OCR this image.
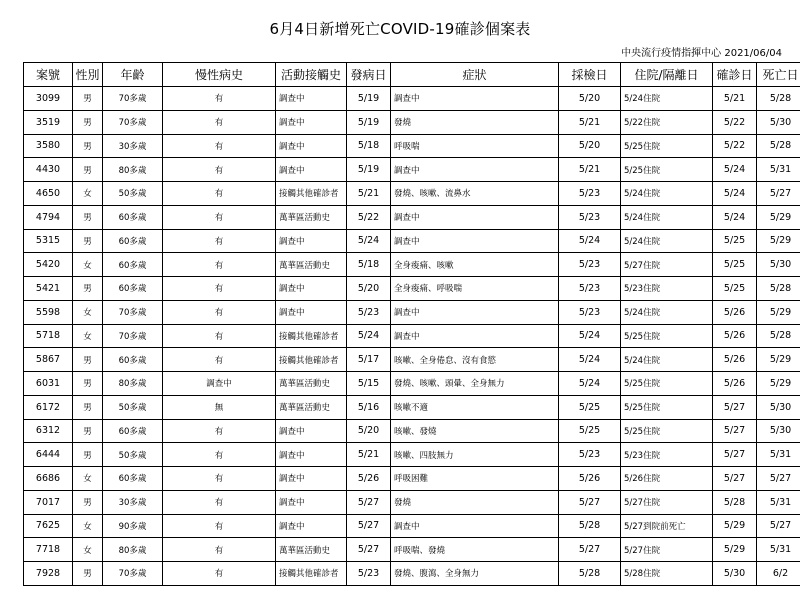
6月4日新增死亡COVID-19確診個案表
中央流行疫情指揮中心 2021/06/04
案號	性別	年齡	慢性病史	活動接觸史	發病日	症狀	採檢日	住院/隔離日	確診日	死亡日
3099	男	70多歲	有	調查中	5/19	調查中	5/20	5/24住院	5/21	5/28
3519	男	70多歲	有	調查中	5/19	發燒	5/21	5/22住院	5/22	5/30
3580	男	30多歲	有	調查中	5/18	呼吸喘	5/20	5/25住院	5/22	5/28
4430	男	80多歲	有	調查中	5/19	調查中	5/21	5/25住院	5/24	5/31
4650	女	50多歲	有	接觸其他確診者	5/21	發燒、咳嗽、流鼻水	5/23	5/24住院	5/24	5/27
4794	男	60多歲	有	萬華區活動史	5/22	調查中	5/23	5/24住院	5/24	5/29
5315	男	60多歲	有	調查中	5/24	調查中	5/24	5/24住院	5/25	5/29
5420	女	60多歲	有	萬華區活動史	5/18	全身痠痛、咳嗽	5/23	5/27住院	5/25	5/30
5421	男	60多歲	有	調查中	5/20	全身痠痛、呼吸喘	5/23	5/23住院	5/25	5/28
5598	女	70多歲	有	調查中	5/23	調查中	5/23	5/24住院	5/26	5/29
5718	女	70多歲	有	接觸其他確診者	5/24	調查中	5/24	5/25住院	5/26	5/28
5867	男	60多歲	有	接觸其他確診者	5/17	咳嗽、全身倦怠、沒有食慾	5/24	5/24住院	5/26	5/29
6031	男	80多歲	調查中	萬華區活動史	5/15	發燒、咳嗽、頭暈、全身無力	5/24	5/25住院	5/26	5/29
6172	男	50多歲	無	萬華區活動史	5/16	咳嗽不適	5/25	5/25住院	5/27	5/30
6312	男	60多歲	有	調查中	5/20	咳嗽、發燒	5/25	5/25住院	5/27	5/30
6444	男	50多歲	有	調查中	5/21	咳嗽、四肢無力	5/23	5/23住院	5/27	5/31
6686	女	60多歲	有	調查中	5/26	呼吸困難	5/26	5/26住院	5/27	5/27
7017	男	30多歲	有	調查中	5/27	發燒	5/27	5/27住院	5/28	5/31
7625	女	90多歲	有	調查中	5/27	調查中	5/28	5/27到院前死亡	5/29	5/27
7718	女	80多歲	有	萬華區活動史	5/27	呼吸喘、發燒	5/27	5/27住院	5/29	5/31
7928	男	70多歲	有	接觸其他確診者	5/23	發燒、腹瀉、全身無力	5/28	5/28住院	5/30	6/2
